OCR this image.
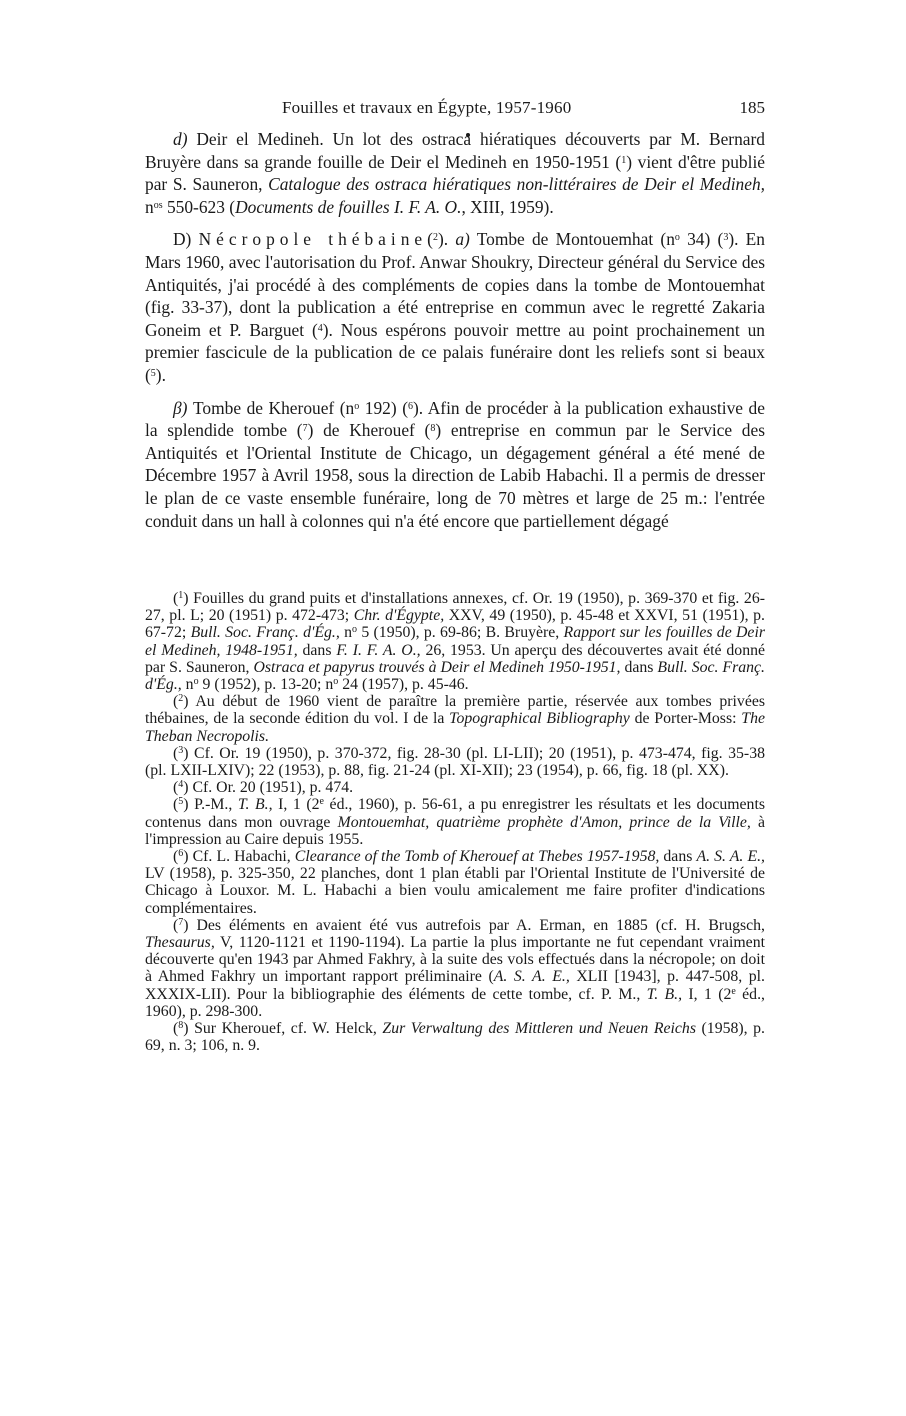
Fouilles et travaux en Égypte, 1957-1960	185

d) Deir el Medineh. Un lot des ostraca hiératiques découverts par M. Bernard Bruyère dans sa grande fouille de Deir el Medineh en 1950-1951 ($^1$) vient d'être publié par S. Sauneron, Catalogue des ostraca hiératiques non-littéraires de Deir el Medineh, $n^{os}$ 550-623 (Documents de fouilles I. F. A. O., XIII, 1959).

D) Nécropole thébaine($^2$). a) Tombe de Montouemhat ($n^o$ 34) ($^3$). En Mars 1960, avec l'autorisation du Prof. Anwar Shoukry, Directeur général du Service des Antiquités, j'ai procédé à des compléments de copies dans la tombe de Montouemhat (fig. 33-37), dont la publication a été entreprise en commun avec le regretté Zakaria Goneim et P. Barguet ($^4$). Nous espérons pouvoir mettre au point prochainement un premier fascicule de la publication de ce palais funéraire dont les reliefs sont si beaux ($^5$).

β) Tombe de Kherouef ($n^o$ 192) ($^6$). Afin de procéder à la publication exhaustive de la splendide tombe ($^7$) de Kherouef ($^8$) entreprise en commun par le Service des Antiquités et l'Oriental Institute de Chicago, un dégagement général a été mené de Décembre 1957 à Avril 1958, sous la direction de Labib Habachi. Il a permis de dresser le plan de ce vaste ensemble funéraire, long de 70 mètres et large de 25 m.: l'entrée conduit dans un hall à colonnes qui n'a été encore que partiellement dégagé

($^1$) Fouilles du grand puits et d'installations annexes, cf. Or. 19 (1950), p. 369-370 et fig. 26-27, pl. L; 20 (1951) p. 472-473; Chr. d'Égypte, XXV, 49 (1950), p. 45-48 et XXVI, 51 (1951), p. 67-72; Bull. Soc. Franç. d'Ég., $n^o$ 5 (1950), p. 69-86; B. Bruyère, Rapport sur les fouilles de Deir el Medineh, 1948-1951, dans F. I. F. A. O., 26, 1953. Un aperçu des découvertes avait été donné par S. Sauneron, Ostraca et papyrus trouvés à Deir el Medineh 1950-1951, dans Bull. Soc. Franç. d'Ég., $n^o$ 9 (1952), p. 13-20; $n^o$ 24 (1957), p. 45-46.

($^2$) Au début de 1960 vient de paraître la première partie, réservée aux tombes privées thébaines, de la seconde édition du vol. I de la Topographical Bibliography de Porter-Moss: The Theban Necropolis.

($^3$) Cf. Or. 19 (1950), p. 370-372, fig. 28-30 (pl. LI-LII); 20 (1951), p. 473-474, fig. 35-38 (pl. LXII-LXIV); 22 (1953), p. 88, fig. 21-24 (pl. XI-XII); 23 (1954), p. 66, fig. 18 (pl. XX).

($^4$) Cf. Or. 20 (1951), p. 474.

($^5$) P.-M., T. B., I, 1 (2e éd., 1960), p. 56-61, a pu enregistrer les résultats et les documents contenus dans mon ouvrage Montouemhat, quatrième prophète d'Amon, prince de la Ville, à l'impression au Caire depuis 1955.

($^6$) Cf. L. Habachi, Clearance of the Tomb of Kherouef at Thebes 1957-1958, dans A. S. A. E., LV (1958), p. 325-350, 22 planches, dont 1 plan établi par l'Oriental Institute de l'Université de Chicago à Louxor. M. L. Habachi a bien voulu amicalement me faire profiter d'indications complémentaires.

($^7$) Des éléments en avaient été vus autrefois par A. Erman, en 1885 (cf. H. Brugsch, Thesaurus, V, 1120-1121 et 1190-1194). La partie la plus importante ne fut cependant vraiment découverte qu'en 1943 par Ahmed Fakhry, à la suite des vols effectués dans la nécropole; on doit à Ahmed Fakhry un important rapport préliminaire (A. S. A. E., XLII [1943], p. 447-508, pl. XXXIX-LII). Pour la bibliographie des éléments de cette tombe, cf. P. M., T. B., I, 1 (2e éd., 1960), p. 298-300.

($^8$) Sur Kherouef, cf. W. Helck, Zur Verwaltung des Mittleren und Neuen Reichs (1958), p. 69, n. 3; 106, n. 9.
